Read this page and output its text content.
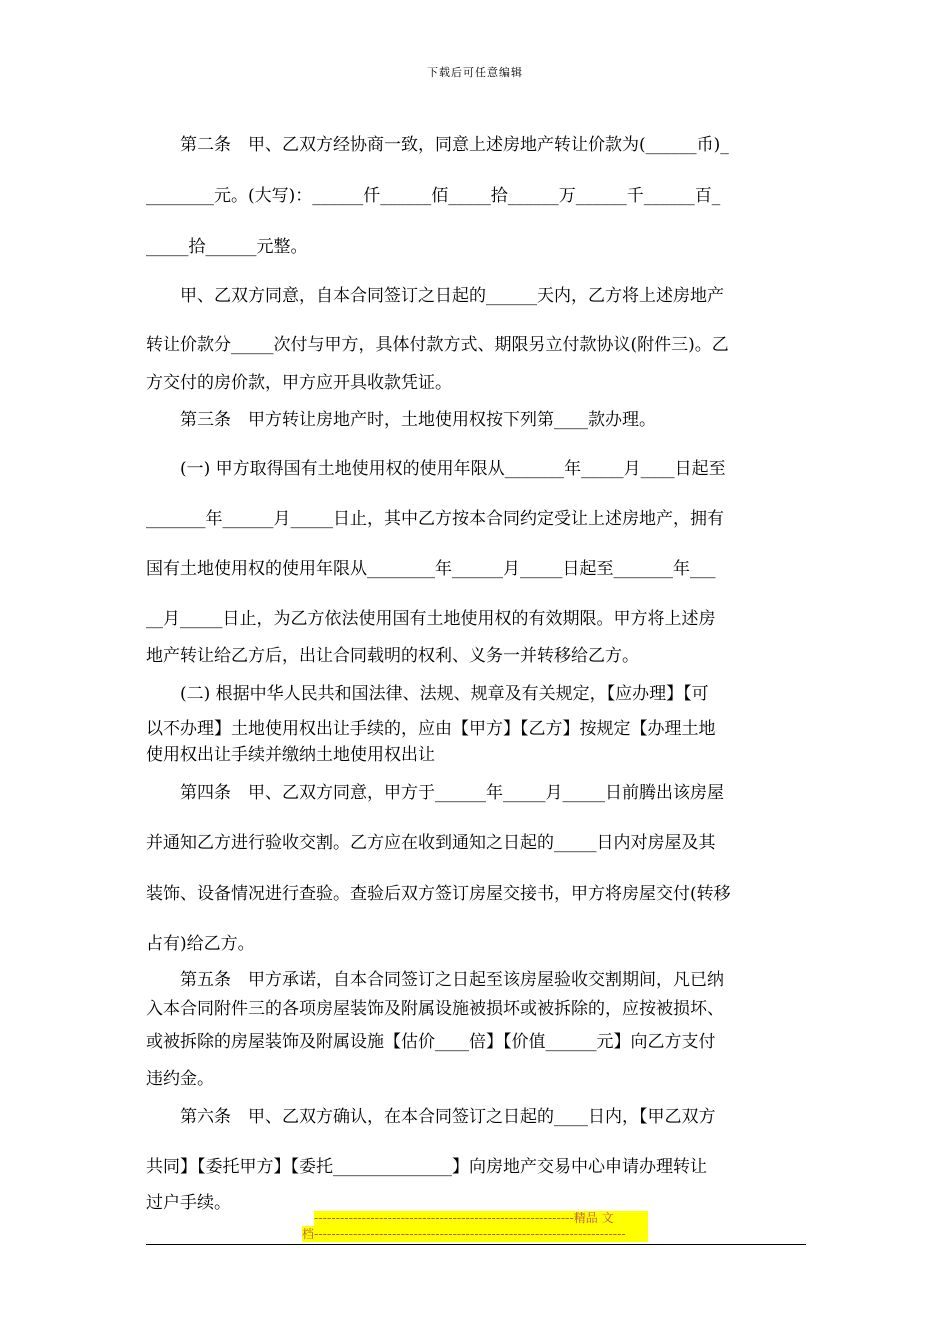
下载后可任意编辑
　　第二条　甲、乙双方经协商一致，同意上述房地产转让价款为(______币)_
________元。(大写)：______仟______佰_____拾______万______千______百_
_____拾______元整。
　　甲、乙双方同意，自本合同签订之日起的______天内，乙方将上述房地产
转让价款分_____次付与甲方，具体付款方式、期限另立付款协议(附件三)。乙
方交付的房价款，甲方应开具收款凭证。
　　第三条　甲方转让房地产时，土地使用权按下列第____款办理。
　　(一) 甲方取得国有土地使用权的使用年限从_______年_____月____日起至
_______年______月_____日止，其中乙方按本合同约定受让上述房地产，拥有
国有土地使用权的使用年限从________年______月_____日起至_______年___
__月_____日止，为乙方依法使用国有土地使用权的有效期限。甲方将上述房
地产转让给乙方后，出让合同载明的权利、义务一并转移给乙方。
　　(二) 根据中华人民共和国法律、法规、规章及有关规定，【应办理】【可
以不办理】土地使用权出让手续的，应由【甲方】【乙方】按规定【办理土地
使用权出让手续并缴纳土地使用权出让
　　第四条　甲、乙双方同意，甲方于______年_____月_____日前腾出该房屋
并通知乙方进行验收交割。乙方应在收到通知之日起的_____日内对房屋及其
装饰、设备情况进行查验。查验后双方签订房屋交接书，甲方将房屋交付(转移
占有)给乙方。
　　第五条　甲方承诺，自本合同签订之日起至该房屋验收交割期间，凡已纳
入本合同附件三的各项房屋装饰及附属设施被损坏或被拆除的，应按被损坏、
或被拆除的房屋装饰及附属设施【估价____倍】【价值______元】向乙方支付
违约金。
　　第六条　甲、乙双方确认，在本合同签订之日起的____日内，【甲乙双方
共同】【委托甲方】【委托______________】向房地产交易中心申请办理转让
过户手续。
------------------------------------------------------------精品 文
档------------------------------------------------------------------------
